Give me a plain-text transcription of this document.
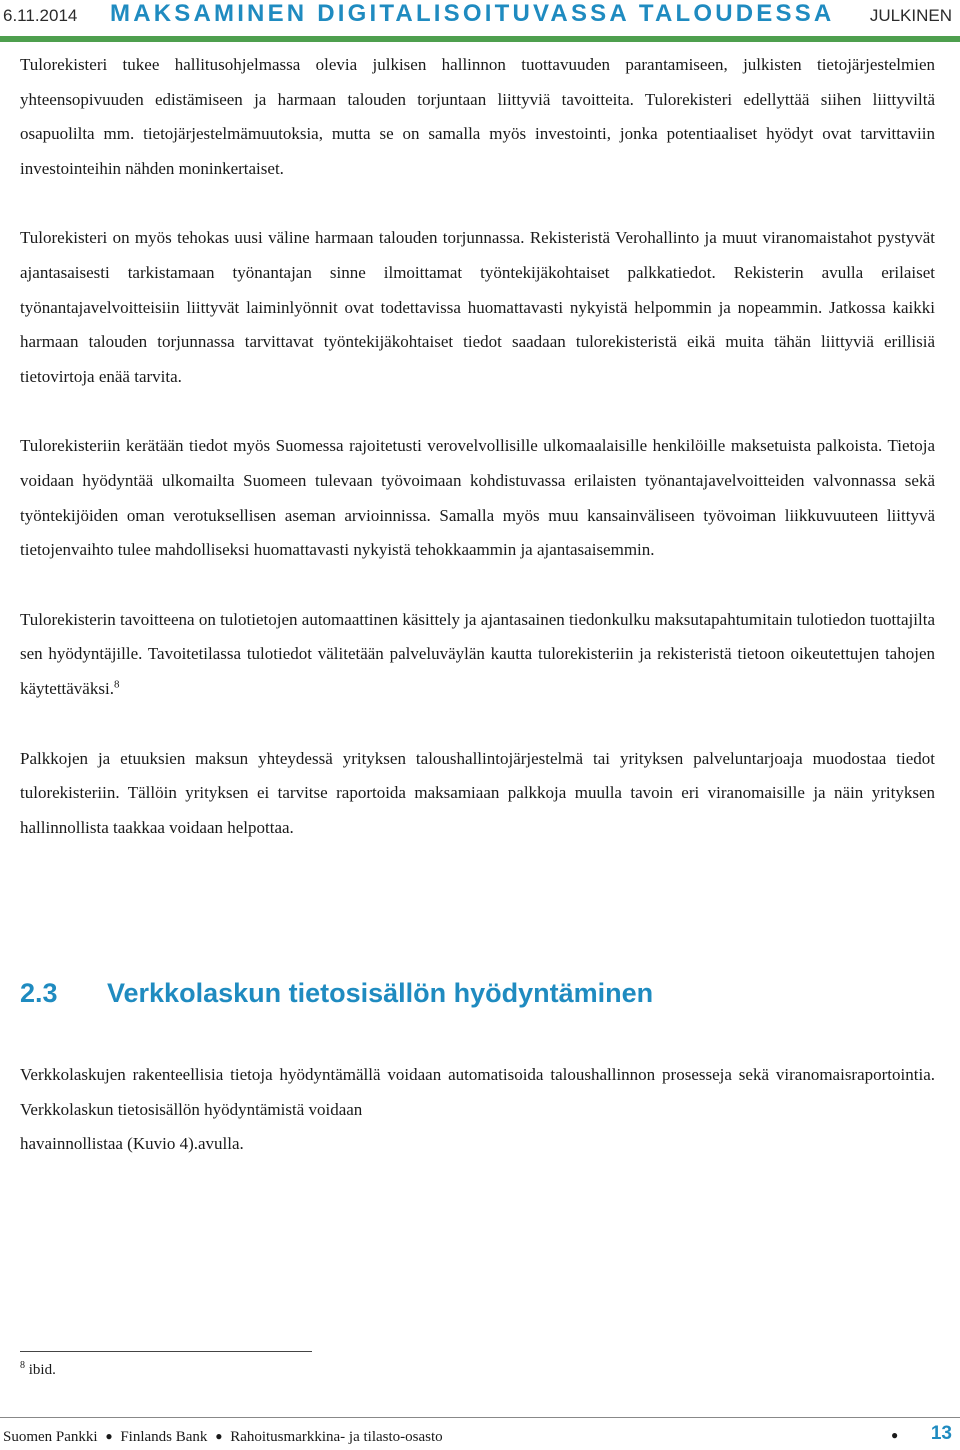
6.11.2014 MAKSAMINEN DIGITALISOITUVASSA TALOUDESSA JULKINEN

Tulorekisteri tukee hallitusohjelmassa olevia julkisen hallinnon tuottavuuden parantamiseen, julkisten tietojärjestelmien yhteensopivuuden edistämiseen ja harmaan talouden torjuntaan liittyviä tavoitteita. Tulorekisteri edellyttää siihen liittyviltä osapuolilta mm. tietojärjestelmämuutoksia, mutta se on samalla myös investointi, jonka potentiaaliset hyödyt ovat tarvittaviin investointeihin nähden moninkertaiset.

Tulorekisteri on myös tehokas uusi väline harmaan talouden torjunnassa. Rekisteristä Verohallinto ja muut viranomaistahot pystyvät ajantasaisesti tarkistamaan työnantajan sinne ilmoittamat työntekijäkohtaiset palkkatiedot. Rekisterin avulla erilaiset työnantajavelvoitteisiin liittyvät laiminlyönnit ovat todettavissa huomattavasti nykyistä helpommin ja nopeammin. Jatkossa kaikki harmaan talouden torjunnassa tarvittavat työntekijäkohtaiset tiedot saadaan tulorekisteristä eikä muita tähän liittyviä erillisiä tietovirtoja enää tarvita.

Tulorekisteriin kerätään tiedot myös Suomessa rajoitetusti verovelvollisille ulkomaalaisille henkilöille maksetuista palkoista. Tietoja voidaan hyödyntää ulkomailta Suomeen tulevaan työvoimaan kohdistuvassa erilaisten työnantajavelvoitteiden valvonnassa sekä työntekijöiden oman verotuksellisen aseman arvioinnissa. Samalla myös muu kansainväliseen työvoiman liikkuvuuteen liittyvä tietojenvaihto tulee mahdolliseksi huomattavasti nykyistä tehokkaammin ja ajantasaisemmin.

Tulorekisterin tavoitteena on tulotietojen automaattinen käsittely ja ajantasainen tiedonkulku maksutapahtumitain tulotiedon tuottajilta sen hyödyntäjille. Tavoitetilassa tulotiedot välitetään palveluväylän kautta tulorekisteriin ja rekisteristä tietoon oikeutettujen tahojen käytettäväksi.$^8$

Palkkojen ja etuuksien maksun yhteydessä yrityksen taloushallintojärjestelmä tai yrityksen palveluntarjoaja muodostaa tiedot tulorekisteriin. Tällöin yrityksen ei tarvitse raportoida maksamiaan palkkoja muulla tavoin eri viranomaisille ja näin yrityksen hallinnollista taakkaa voidaan helpottaa.

2.3 Verkkolaskun tietosisällön hyödyntäminen

Verkkolaskujen rakenteellisia tietoja hyödyntämällä voidaan automatisoida taloushallinnon prosesseja sekä viranomaisraportointia. Verkkolaskun tietosisällön hyödyntämistä voidaan

havainnollistaa (Kuvio 4).avulla.

$^8$ ibid.
Suomen Pankki ● Finlands Bank ● Rahoitusmarkkina- ja tilasto-osasto	● 13
